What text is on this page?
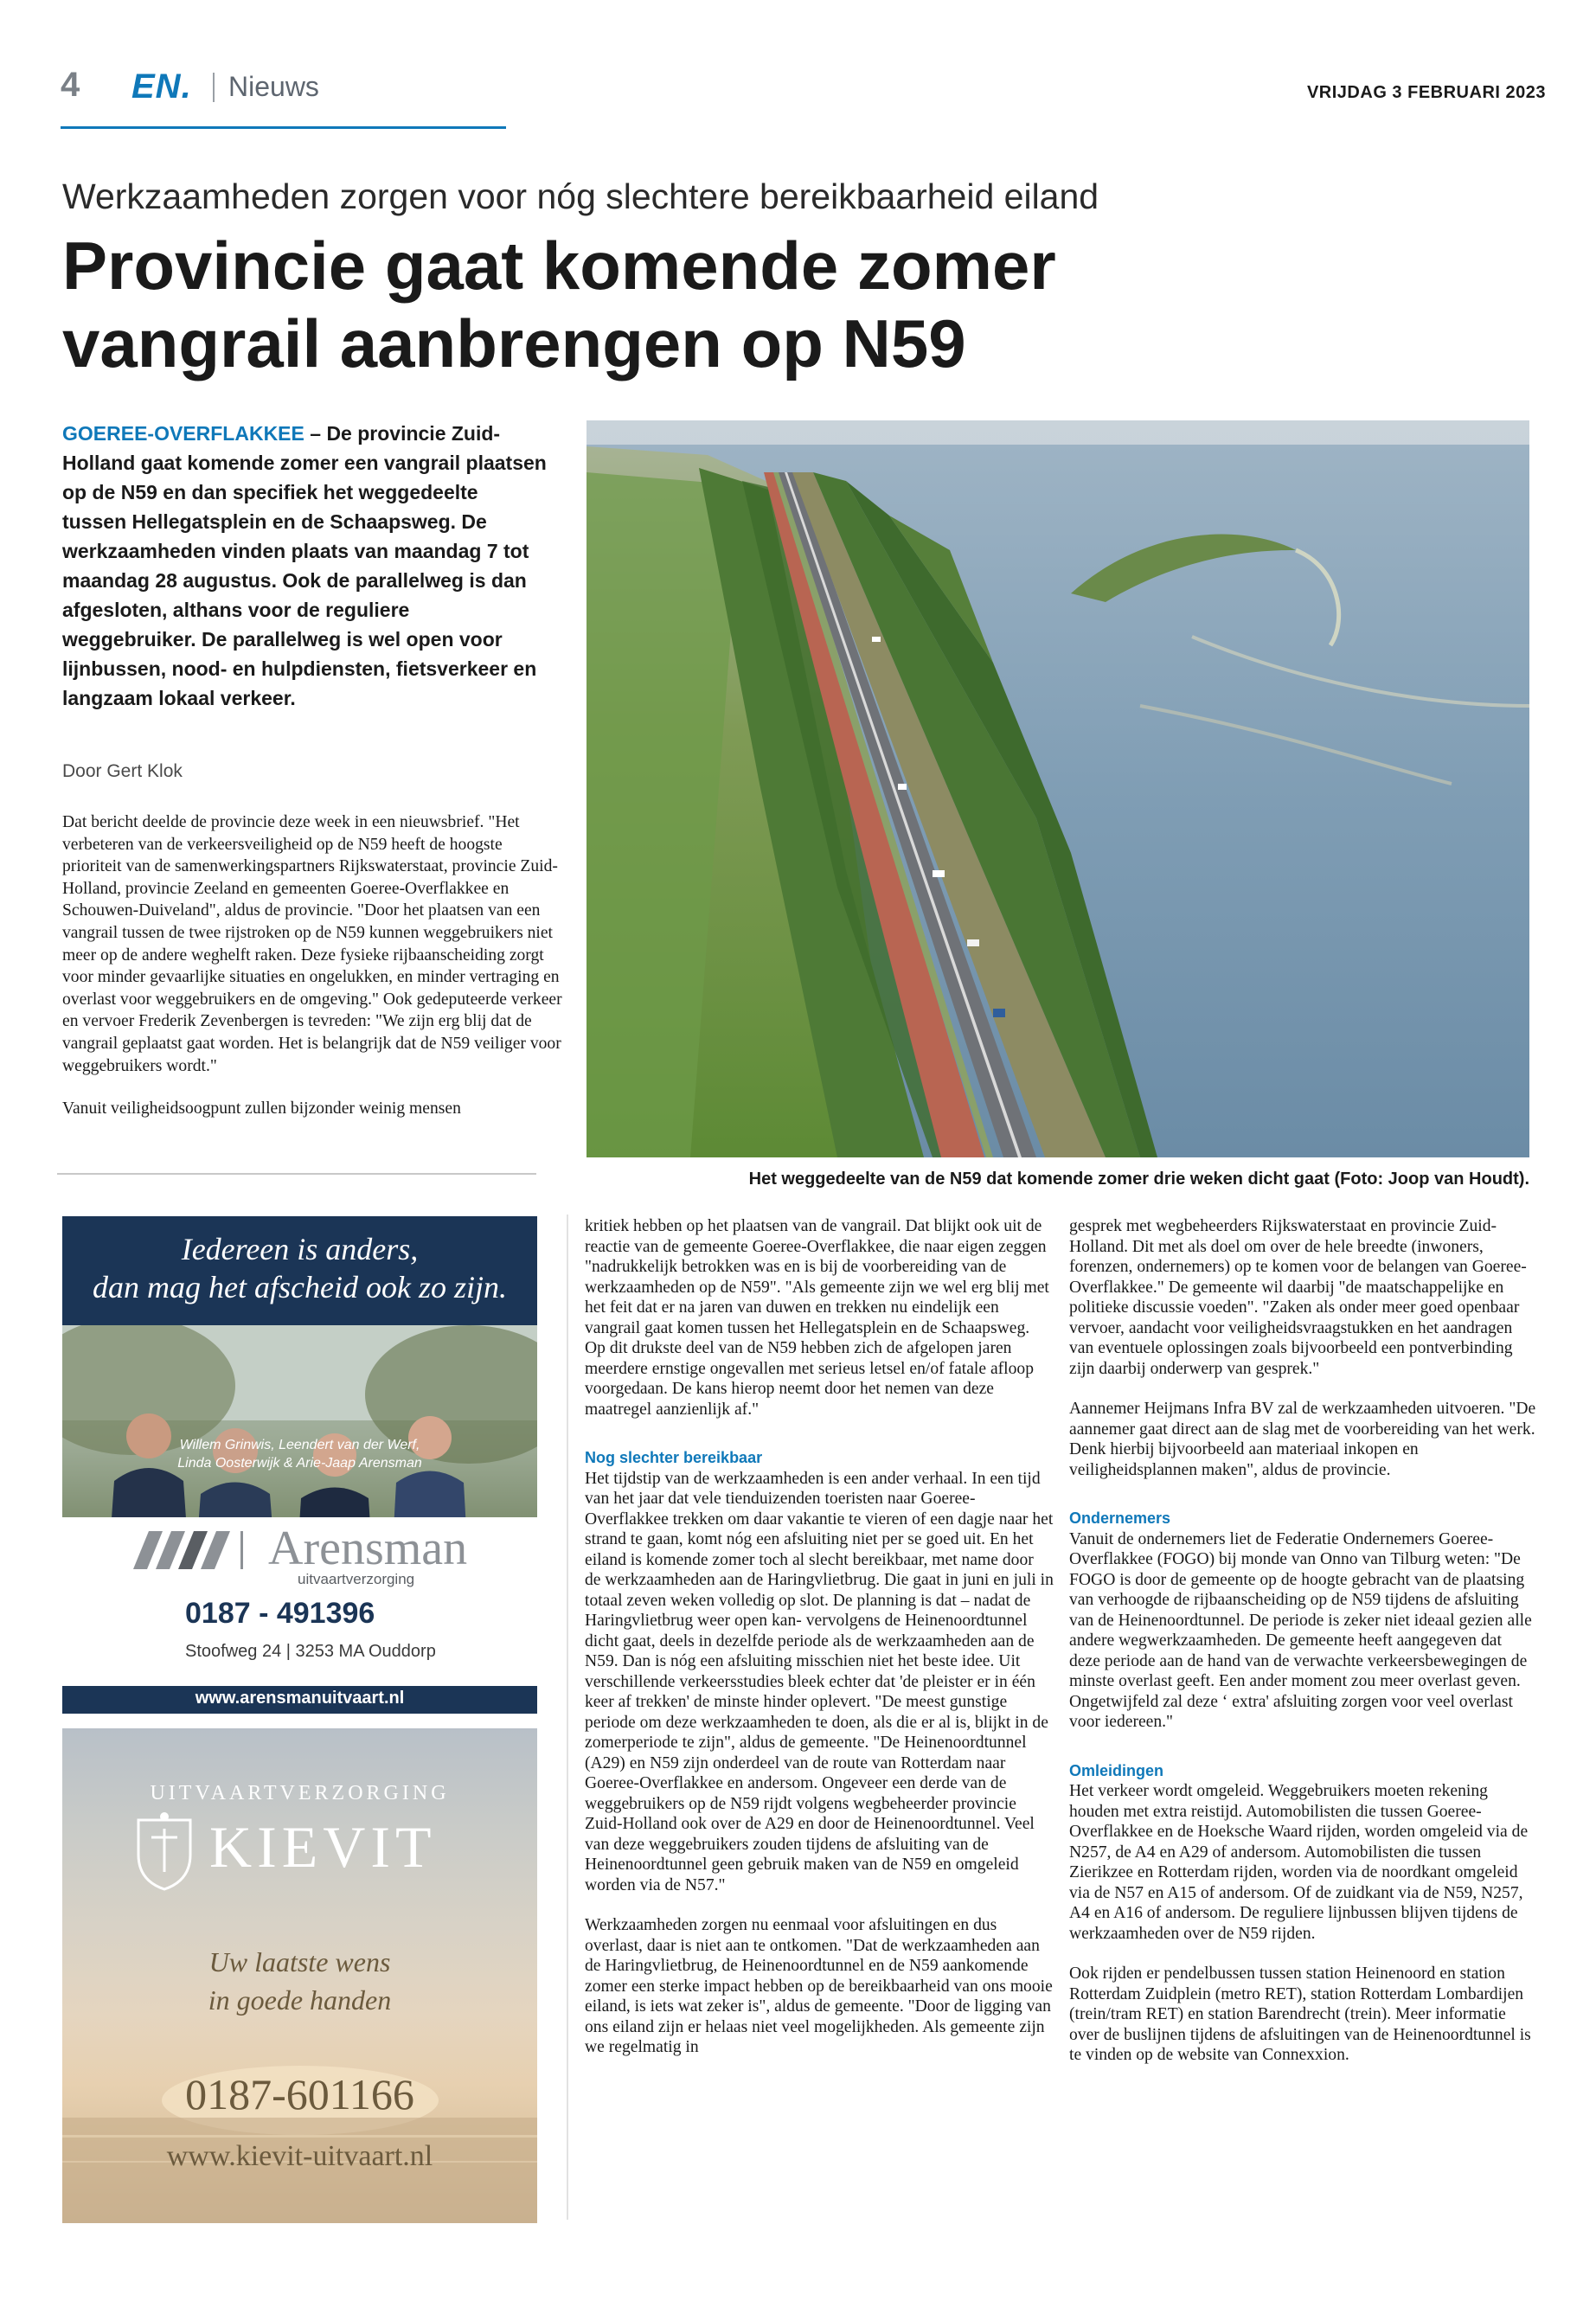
4 EN. Nieuws	VRIJDAG 3 FEBRUARI 2023
Werkzaamheden zorgen voor nóg slechtere bereikbaarheid eiland
Provincie gaat komende zomer
vangrail aanbrengen op N59
GOEREE-OVERFLAKKEE – De provincie Zuid-Holland gaat komende zomer een vangrail plaatsen op de N59 en dan specifiek het weggedeelte tussen Hellegatsplein en de Schaapsweg. De werkzaamheden vinden plaats van maandag 7 tot maandag 28 augustus. Ook de parallelweg is dan afgesloten, althans voor de reguliere weggebruiker. De parallelweg is wel open voor lijnbussen, nood- en hulpdiensten, fietsverkeer en langzaam lokaal verkeer.
Door Gert Klok

Dat bericht deelde de provincie deze week in een nieuwsbrief. "Het verbeteren van de verkeersveiligheid op de N59 heeft de hoogste prioriteit van de samenwerkingspartners Rijkswaterstaat, provincie Zuid-Holland, provincie Zeeland en gemeenten Goeree-Overflakkee en Schouwen-Duiveland", aldus de provincie. "Door het plaatsen van een vangrail tussen de twee rijstroken op de N59 kunnen weggebruikers niet meer op de andere weghelft raken. Deze fysieke rijbaanscheiding zorgt voor minder gevaarlijke situaties en ongelukken, en minder vertraging en overlast voor weggebruikers en de omgeving." Ook gedeputeerde verkeer en vervoer Frederik Zevenbergen is tevreden: "We zijn erg blij dat de vangrail geplaatst gaat worden. Het is belangrijk dat de N59 veiliger voor weggebruikers wordt."

Vanuit veiligheidsoogpunt zullen bijzonder weinig mensen

Het weggedeelte van de N59 dat komende zomer drie weken dicht gaat (Foto: Joop van Houdt).
Iedereen is anders,
dan mag het afscheid ook zo zijn.
Willem Grinwis, Leendert van der Werf,
Linda Oosterwijk & Arie-Jaap Arensman
Arensman
uitvaartverzorging
0187 - 491396
Stoofweg 24 | 3253 MA Ouddorp
www.arensmanuitvaart.nl
UITVAARTVERZORGING
KIEVIT
Uw laatste wens
in goede handen
0187-601166
www.kievit-uitvaart.nl

kritiek hebben op het plaatsen van de vangrail. Dat blijkt ook uit de reactie van de gemeente Goeree-Overflakkee, die naar eigen zeggen "nadrukkelijk betrokken was en is bij de voorbereiding van de werkzaamheden op de N59". "Als gemeente zijn we wel erg blij met het feit dat er na jaren van duwen en trekken nu eindelijk een vangrail gaat komen tussen het Hellegatsplein en de Schaapsweg. Op dit drukste deel van de N59 hebben zich de afgelopen jaren meerdere ernstige ongevallen met serieus letsel en/of fatale afloop voorgedaan. De kans hierop neemt door het nemen van deze maatregel aanzienlijk af."

Nog slechter bereikbaar

Het tijdstip van de werkzaamheden is een ander verhaal. In een tijd van het jaar dat vele tienduizenden toeristen naar Goeree-Overflakkee trekken om daar vakantie te vieren of een dagje naar het strand te gaan, komt nóg een afsluiting niet per se goed uit. En het eiland is komende zomer toch al slecht bereikbaar, met name door de werkzaamheden aan de Haringvlietbrug. Die gaat in juni en juli in totaal zeven weken volledig op slot. De planning is dat – nadat de Haringvlietbrug weer open kan- vervolgens de Heinenoordtunnel dicht gaat, deels in dezelfde periode als de werkzaamheden aan de N59. Dan is nóg een afsluiting misschien niet het beste idee. Uit verschillende verkeersstudies bleek echter dat 'de pleister er in één keer af trekken' de minste hinder oplevert. "De meest gunstige periode om deze werkzaamheden te doen, als die er al is, blijkt in de zomerperiode te zijn", aldus de gemeente. "De Heinenoordtunnel (A29) en N59 zijn onderdeel van de route van Rotterdam naar Goeree-Overflakkee en andersom. Ongeveer een derde van de weggebruikers op de N59 rijdt volgens wegbeheerder provincie Zuid-Holland ook over de A29 en door de Heinenoordtunnel. Veel van deze weggebruikers zouden tijdens de afsluiting van de Heinenoordtunnel geen gebruik maken van de N59 en omgeleid worden via de N57."

Werkzaamheden zorgen nu eenmaal voor afsluitingen en dus overlast, daar is niet aan te ontkomen. "Dat de werkzaamheden aan de Haringvlietbrug, de Heinenoordtunnel en de N59 aankomende zomer een sterke impact hebben op de bereikbaarheid van ons mooie eiland, is iets wat zeker is", aldus de gemeente. "Door de ligging van ons eiland zijn er helaas niet veel mogelijkheden. Als gemeente zijn we regelmatig in

gesprek met wegbeheerders Rijkswaterstaat en provincie Zuid-Holland. Dit met als doel om over de hele breedte (inwoners, forenzen, ondernemers) op te komen voor de belangen van Goeree-Overflakkee." De gemeente wil daarbij "de maatschappelijke en politieke discussie voeden". "Zaken als onder meer goed openbaar vervoer, aandacht voor veiligheidsvraagstukken en het aandragen van eventuele oplossingen zoals bijvoorbeeld een pontverbinding zijn daarbij onderwerp van gesprek."

Aannemer Heijmans Infra BV zal de werkzaamheden uitvoeren. "De aannemer gaat direct aan de slag met de voorbereiding van het werk. Denk hierbij bijvoorbeeld aan materiaal inkopen en veiligheidsplannen maken", aldus de provincie.

Ondernemers

Vanuit de ondernemers liet de Federatie Ondernemers Goeree-Overflakkee (FOGO) bij monde van Onno van Tilburg weten: "De FOGO is door de gemeente op de hoogte gebracht van de plaatsing van verhoogde de rijbaanscheiding op de N59 tijdens de afsluiting van de Heinenoordtunnel. De periode is zeker niet ideaal gezien alle andere wegwerkzaamheden. De gemeente heeft aangegeven dat deze periode aan de hand van de verwachte verkeersbewegingen de minste overlast geeft. Een ander moment zou meer overlast geven. Ongetwijfeld zal deze ‘ extra' afsluiting zorgen voor veel overlast voor iedereen."

Omleidingen

Het verkeer wordt omgeleid. Weggebruikers moeten rekening houden met extra reistijd. Automobilisten die tussen Goeree-Overflakkee en de Hoeksche Waard rijden, worden omgeleid via de N257, de A4 en A29 of andersom. Automobilisten die tussen Zierikzee en Rotterdam rijden, worden via de noordkant omgeleid via de N57 en A15 of andersom. Of de zuidkant via de N59, N257, A4 en A16 of andersom. De reguliere lijnbussen blijven tijdens de werkzaamheden over de N59 rijden.

Ook rijden er pendelbussen tussen station Heinenoord en station Rotterdam Zuidplein (metro RET), station Rotterdam Lombardijen (trein/tram RET) en station Barendrecht (trein). Meer informatie over de buslijnen tijdens de afsluitingen van de Heinenoordtunnel is te vinden op de website van Connexxion.
